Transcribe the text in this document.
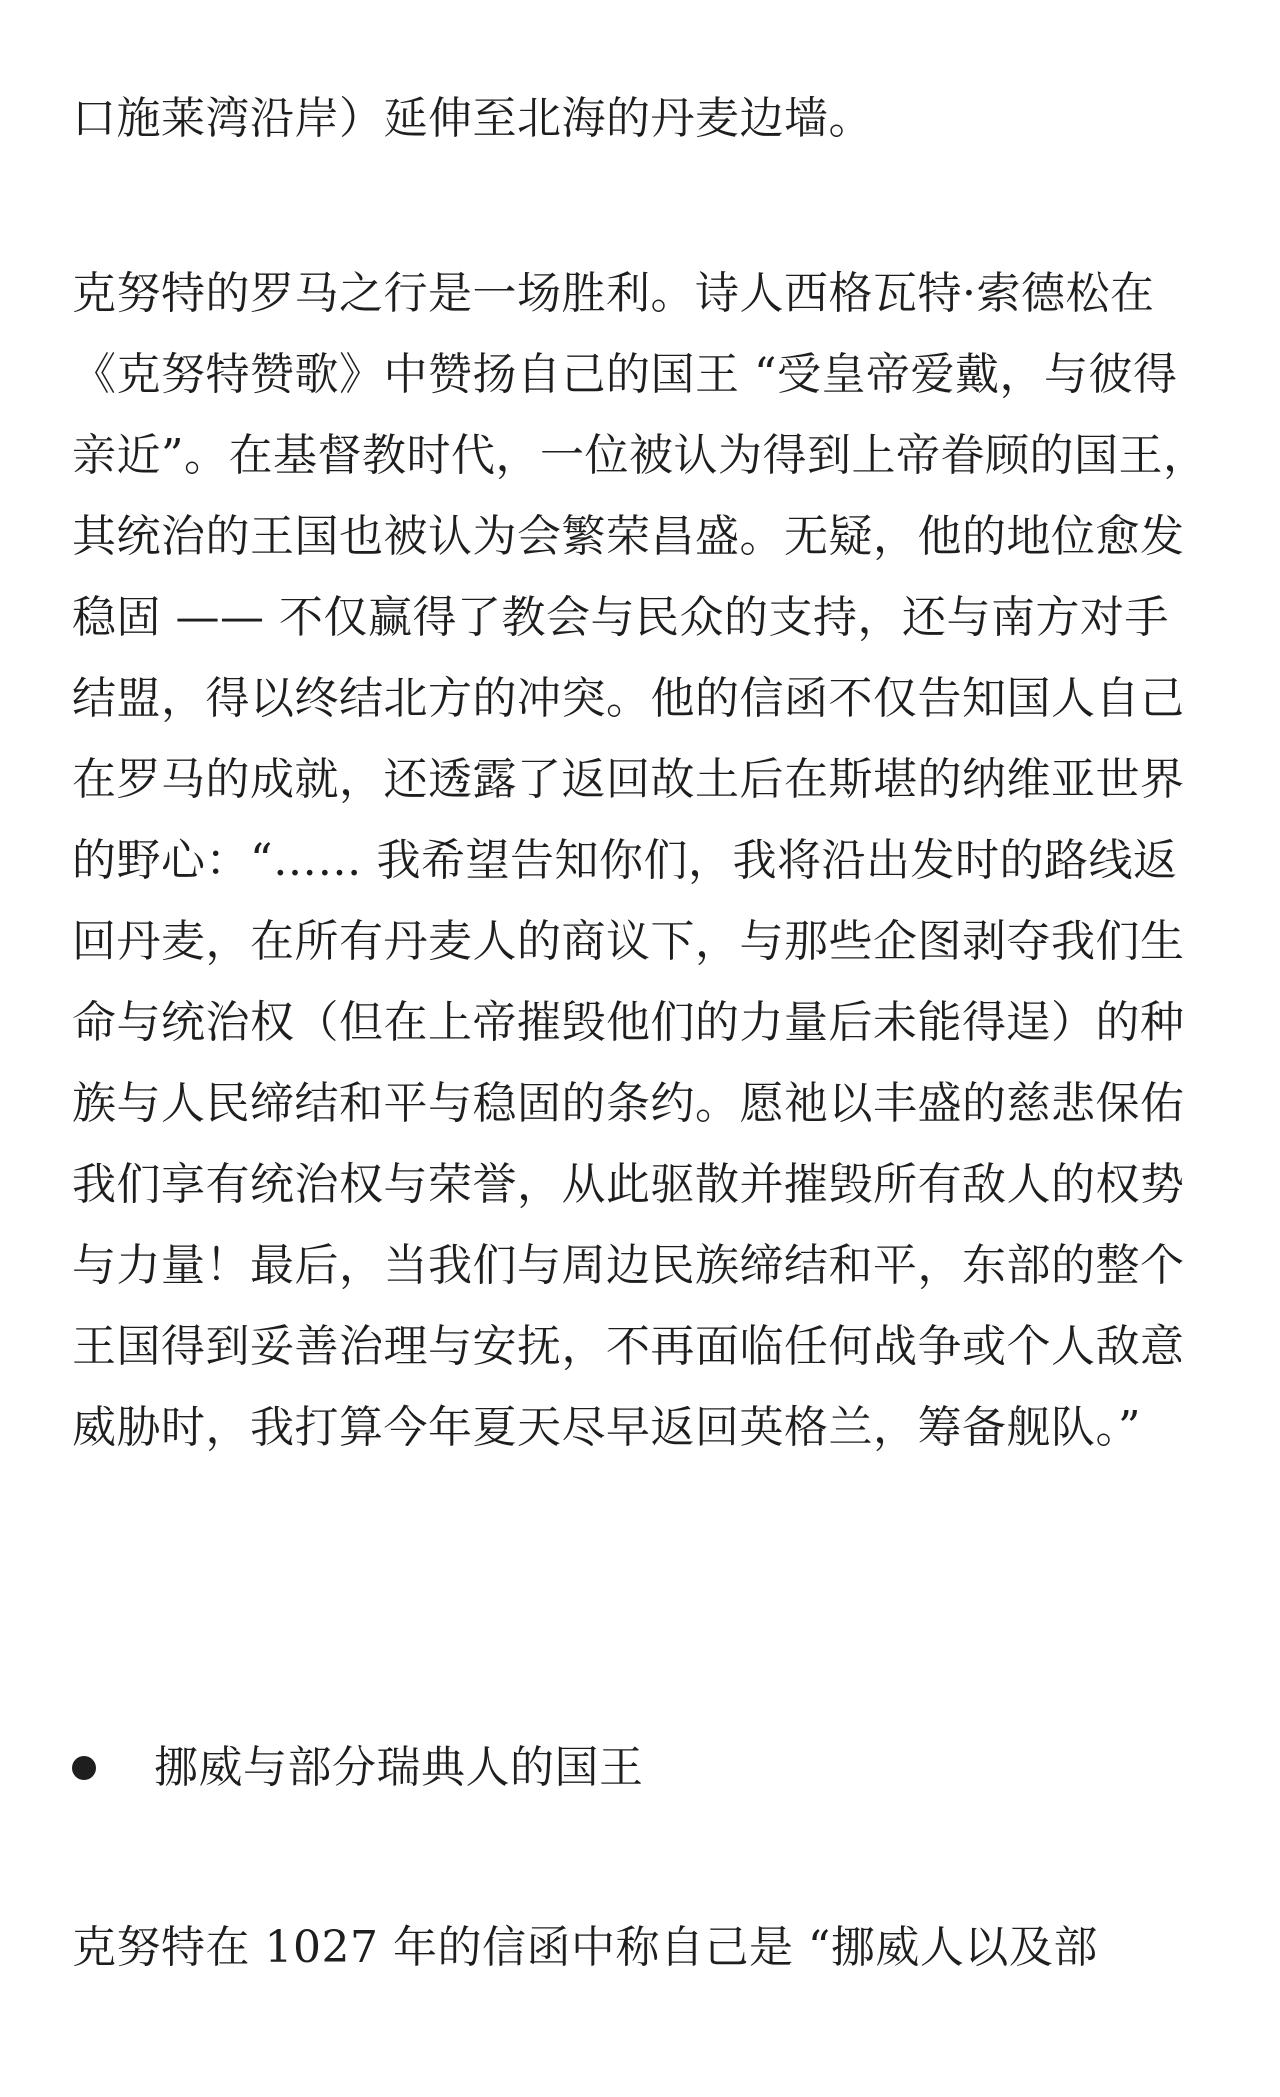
口施莱湾沿岸）延伸至北海的丹麦边墙。

克努特的罗马之行是一场胜利。诗人西格瓦特·索德松在《克努特赞歌》中赞扬自己的国王 “受皇帝爱戴，与彼得亲近”。在基督教时代，一位被认为得到上帝眷顾的国王，其统治的王国也被认为会繁荣昌盛。无疑，他的地位愈发稳固 —— 不仅赢得了教会与民众的支持，还与南方对手结盟，得以终结北方的冲突。他的信函不仅告知国人自己在罗马的成就，还透露了返回故土后在斯堪的纳维亚世界的野心：“…… 我希望告知你们，我将沿出发时的路线返回丹麦，在所有丹麦人的商议下，与那些企图剥夺我们生命与统治权（但在上帝摧毁他们的力量后未能得逞）的种族与人民缔结和平与稳固的条约。愿祂以丰盛的慈悲保佑我们享有统治权与荣誉，从此驱散并摧毁所有敌人的权势与力量！最后，当我们与周边民族缔结和平，东部的整个王国得到妥善治理与安抚，不再面临任何战争或个人敌意威胁时，我打算今年夏天尽早返回英格兰，筹备舰队。”

挪威与部分瑞典人的国王

克努特在 1027 年的信函中称自己是 “挪威人以及部
